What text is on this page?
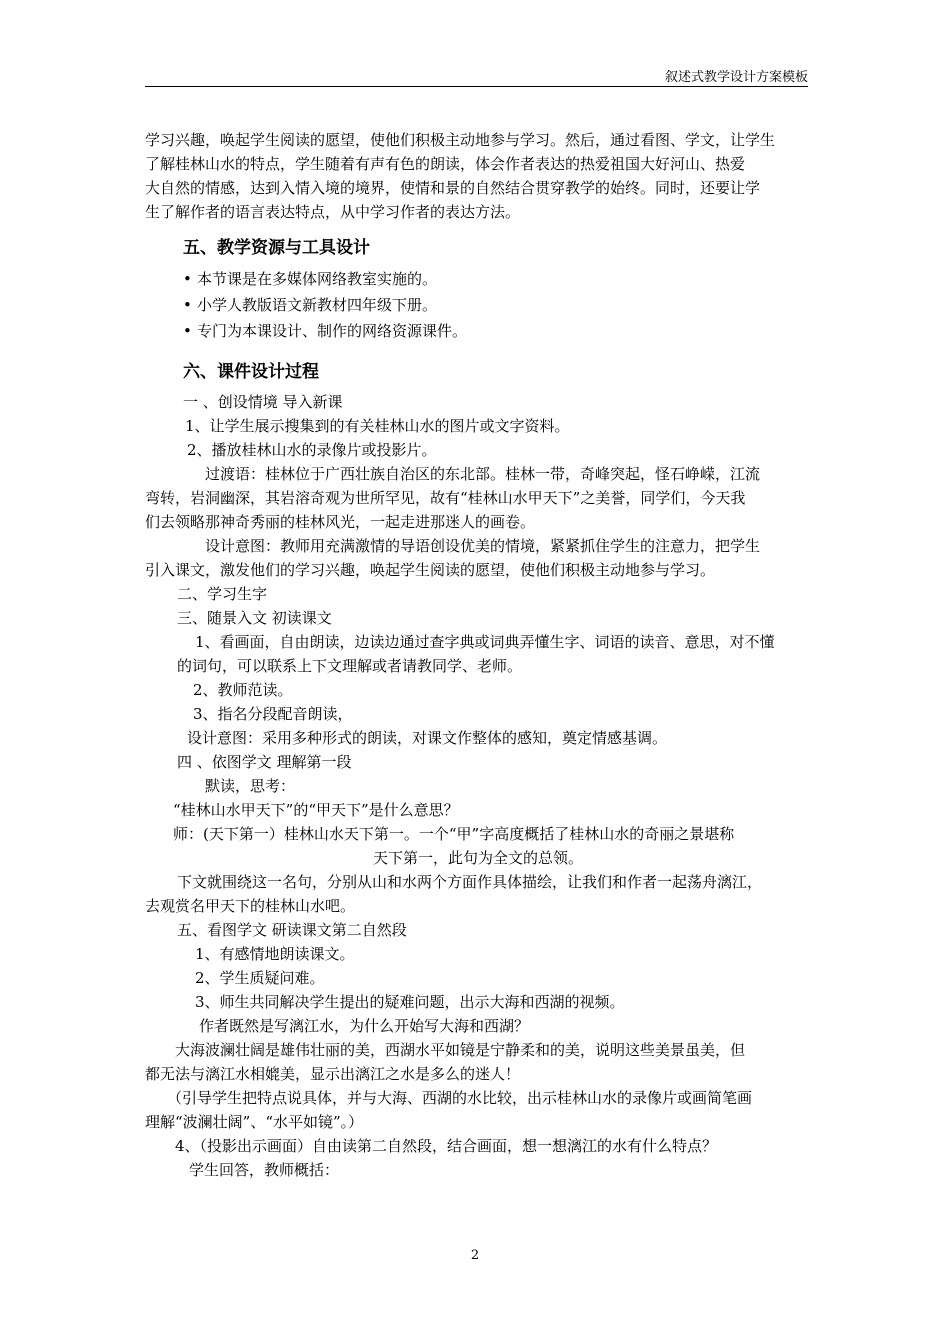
叙述式教学设计方案模板

学习兴趣，唤起学生阅读的愿望，使他们积极主动地参与学习。然后，通过看图、学文，让学生

了解桂林山水的特点，学生随着有声有色的朗读，体会作者表达的热爱祖国大好河山、热爱

大自然的情感，达到入情入境的境界，使情和景的自然结合贯穿教学的始终。同时，还要让学

生了解作者的语言表达特点，从中学习作者的表达方法。

五、教学资源与工具设计

• 本节课是在多媒体网络教室实施的。

• 小学人教版语文新教材四年级下册。

• 专门为本课设计、制作的网络资源课件。

六、课件设计过程

一 、创设情境 导入新课

1、让学生展示搜集到的有关桂林山水的图片或文字资料。

2、播放桂林山水的录像片或投影片。

过渡语：桂林位于广西壮族自治区的东北部。桂林一带，奇峰突起，怪石峥嵘，江流

弯转，岩洞幽深，其岩溶奇观为世所罕见，故有“桂林山水甲天下”之美誉，同学们，今天我

们去领略那神奇秀丽的桂林风光，一起走进那迷人的画卷。

设计意图：教师用充满激情的导语创设优美的情境，紧紧抓住学生的注意力，把学生

引入课文，激发他们的学习兴趣，唤起学生阅读的愿望，使他们积极主动地参与学习。

二、学习生字

三、随景入文 初读课文

1、看画面，自由朗读，边读边通过查字典或词典弄懂生字、词语的读音、意思，对不懂

的词句，可以联系上下文理解或者请教同学、老师。

2、教师范读。

3、指名分段配音朗读，

设计意图：采用多种形式的朗读，对课文作整体的感知，奠定情感基调。

四 、依图学文 理解第一段

默读，思考：

“桂林山水甲天下”的“甲天下”是什么意思？

师：(天下第一）桂林山水天下第一。一个“甲”字高度概括了桂林山水的奇丽之景堪称

天下第一，此句为全文的总领。

下文就围绕这一名句，分别从山和水两个方面作具体描绘，让我们和作者一起荡舟漓江，

去观赏名甲天下的桂林山水吧。

五、看图学文 研读课文第二自然段

1、有感情地朗读课文。

2、学生质疑问难。

3、师生共同解决学生提出的疑难问题，出示大海和西湖的视频。

作者既然是写漓江水，为什么开始写大海和西湖？

大海波澜壮阔是雄伟壮丽的美，西湖水平如镜是宁静柔和的美，说明这些美景虽美，但

都无法与漓江水相媲美，显示出漓江之水是多么的迷人！

（引导学生把特点说具体，并与大海、西湖的水比较，出示桂林山水的录像片或画简笔画

理解“波澜壮阔”、“水平如镜”。）

4、（投影出示画面）自由读第二自然段，结合画面，想一想漓江的水有什么特点？

学生回答，教师概括：

2
